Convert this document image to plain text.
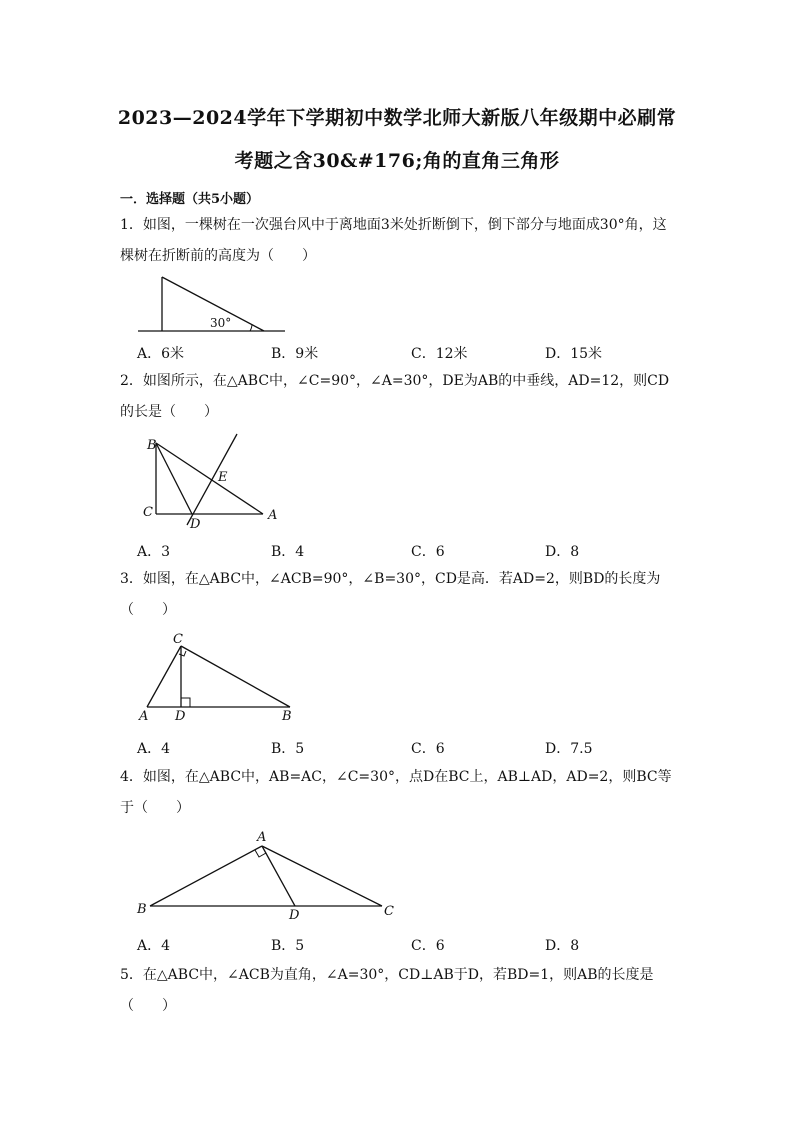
2023—2024学年下学期初中数学北师大新版八年级期中必刷常
考题之含30&#176;角的直角三角形
一．选择题（共5小题）
1．如图，一棵树在一次强台风中于离地面3米处折断倒下，倒下部分与地面成30°角，这棵树在折断前的高度为（　　）
30°
A．6米	B．9米	C．12米	D．15米
2．如图所示，在△ABC中，∠C=90°，∠A=30°，DE为AB的中垂线，AD=12，则CD的长是（　　）
B
C
D
E
A
A．3	B．4	C．6	D．8
3．如图，在△ABC中，∠ACB=90°，∠B=30°，CD是高．若AD=2，则BD的长度为（　　）
C
A D	B
A．4	B．5	C．6	D．7.5
4．如图，在△ABC中，AB=AC，∠C=30°，点D在BC上，AB⊥AD，AD=2，则BC等于（　　）
A
B	D	C
A．4	B．5	C．6	D．8
5．在△ABC中，∠ACB为直角，∠A=30°，CD⊥AB于D，若BD=1，则AB的长度是（　　）
